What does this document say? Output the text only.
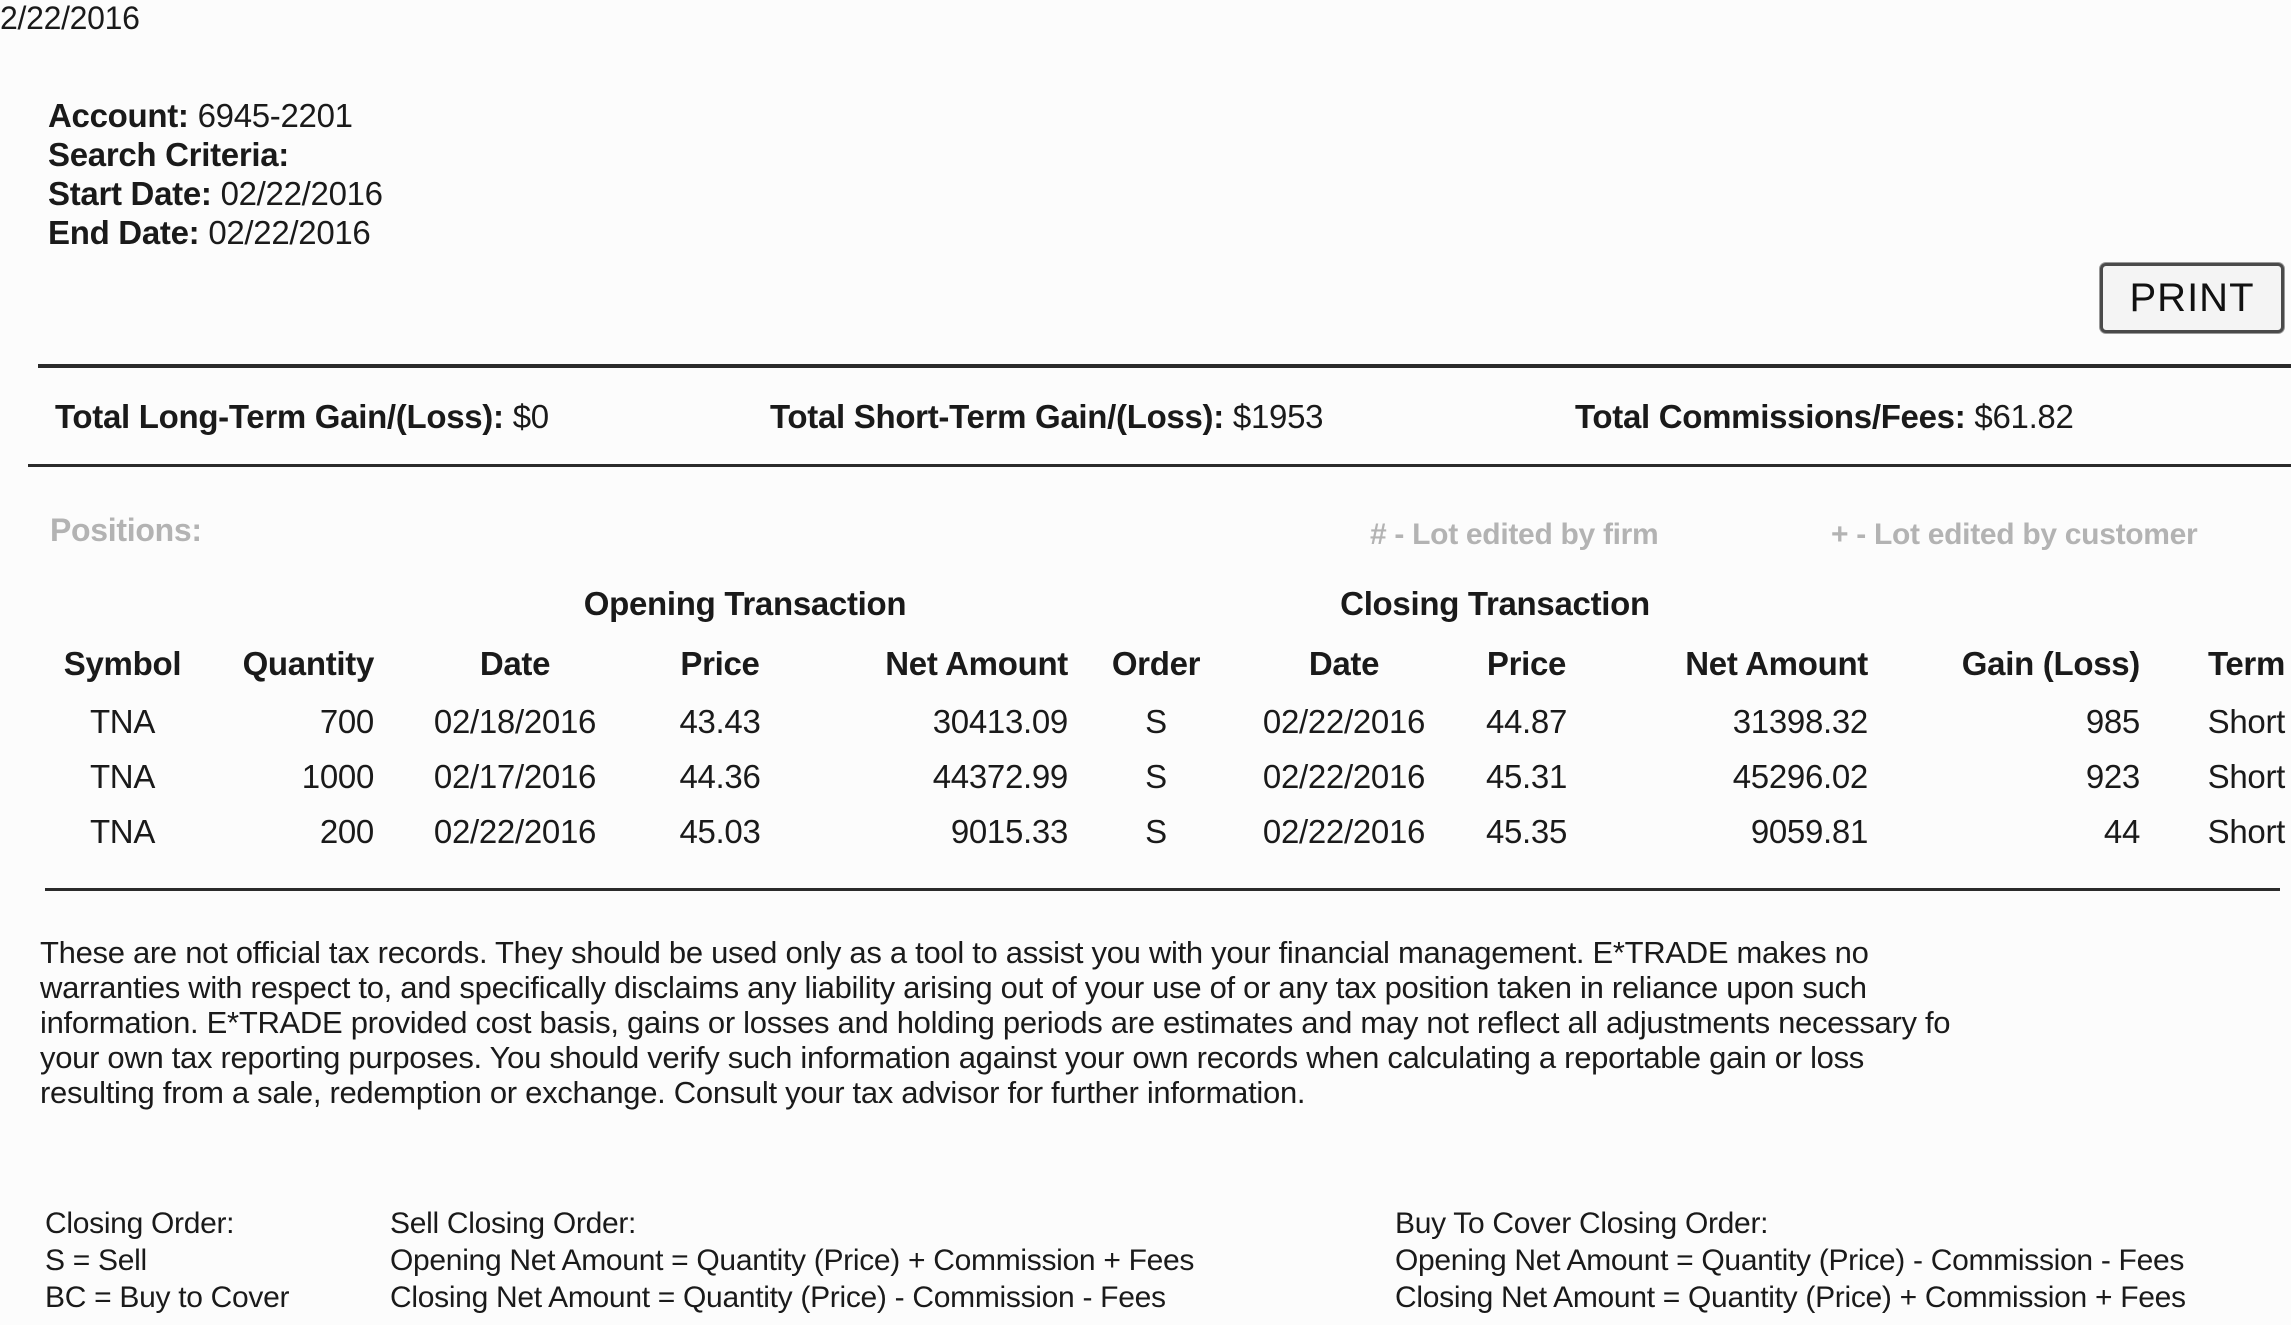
2/22/2016
Account: 6945-2201
Search Criteria:
Start Date: 02/22/2016
End Date: 02/22/2016
PRINT
Total Long-Term Gain/(Loss): $0	Total Short-Term Gain/(Loss): $1953	Total Commissions/Fees: $61.82
Positions:	# - Lot edited by firm	+ - Lot edited by customer
Opening Transaction	Closing Transaction
Symbol	Quantity	Date	Price	Net Amount	Order	Date	Price	Net Amount	Gain (Loss)	Term
TNA	700	02/18/2016	43.43	30413.09	S	02/22/2016	44.87	31398.32	985	Short
TNA	1000	02/17/2016	44.36	44372.99	S	02/22/2016	45.31	45296.02	923	Short
TNA	200	02/22/2016	45.03	9015.33	S	02/22/2016	45.35	9059.81	44	Short
These are not official tax records. They should be used only as a tool to assist you with your financial management. E*TRADE makes no
warranties with respect to, and specifically disclaims any liability arising out of your use of or any tax position taken in reliance upon such
information. E*TRADE provided cost basis, gains or losses and holding periods are estimates and may not reflect all adjustments necessary fo
your own tax reporting purposes. You should verify such information against your own records when calculating a reportable gain or loss
resulting from a sale, redemption or exchange. Consult your tax advisor for further information.
Closing Order:
S = Sell
BC = Buy to Cover
Sell Closing Order:
Opening Net Amount = Quantity (Price) + Commission + Fees
Closing Net Amount = Quantity (Price) - Commission - Fees
Buy To Cover Closing Order:
Opening Net Amount = Quantity (Price) - Commission - Fees
Closing Net Amount = Quantity (Price) + Commission + Fees
